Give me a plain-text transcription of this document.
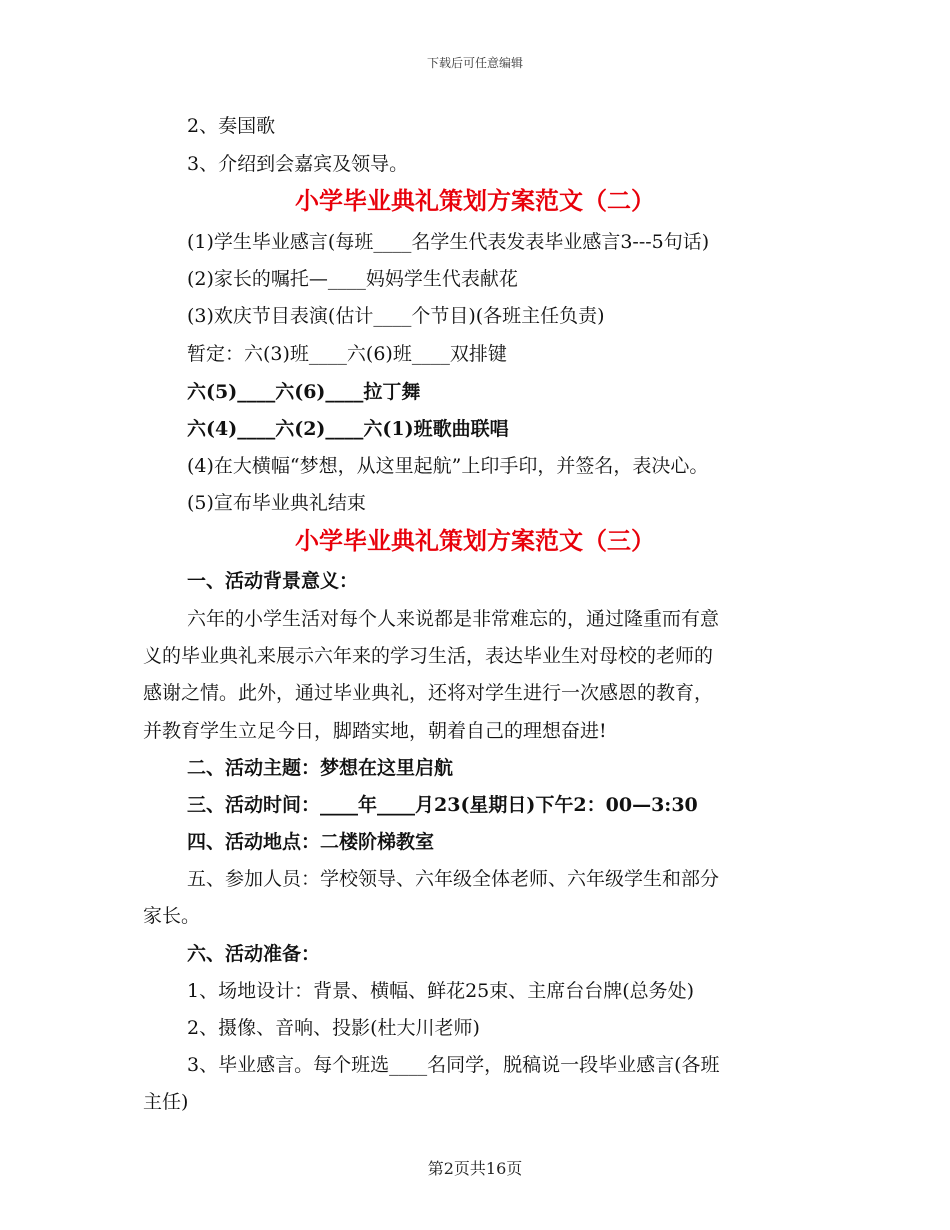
下载后可任意编辑
2、奏国歌
3、介绍到会嘉宾及领导。
小学毕业典礼策划方案范文（二）
(1)学生毕业感言(每班____名学生代表发表毕业感言3---5句话)
(2)家长的嘱托—____妈妈学生代表献花
(3)欢庆节目表演(估计____个节目)(各班主任负责)
暂定：六(3)班____六(6)班____双排键
六(5)____六(6)____拉丁舞
六(4)____六(2)____六(1)班歌曲联唱
(4)在大横幅“梦想，从这里起航”上印手印，并签名，表决心。
(5)宣布毕业典礼结束
小学毕业典礼策划方案范文（三）
一、活动背景意义：
六年的小学生活对每个人来说都是非常难忘的，通过隆重而有意
义的毕业典礼来展示六年来的学习生活，表达毕业生对母校的老师的
感谢之情。此外，通过毕业典礼，还将对学生进行一次感恩的教育，
并教育学生立足今日，脚踏实地，朝着自己的理想奋进!
二、活动主题：梦想在这里启航
三、活动时间：____年____月23(星期日)下午2：00—3:30
四、活动地点：二楼阶梯教室
五、参加人员：学校领导、六年级全体老师、六年级学生和部分
家长。
六、活动准备：
1、场地设计：背景、横幅、鲜花25束、主席台台牌(总务处)
2、摄像、音响、投影(杜大川老师)
3、毕业感言。每个班选____名同学，脱稿说一段毕业感言(各班
主任)
第2页共16页
